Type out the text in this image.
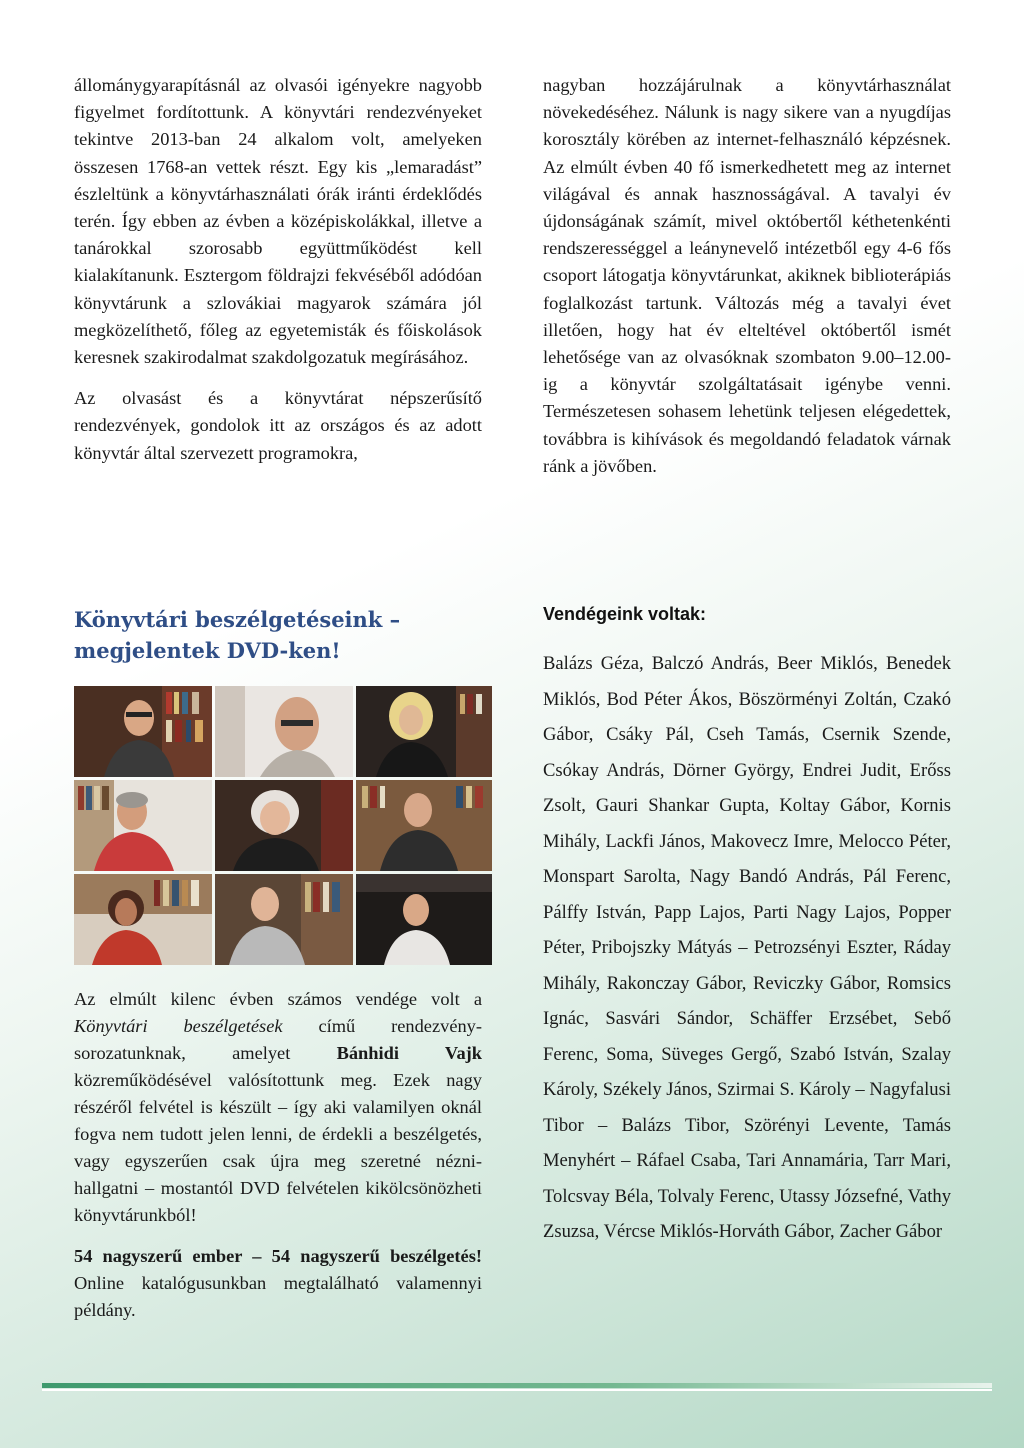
állománygyarapításnál az olvasói igényekre nagyobb figyelmet fordítottunk. A könyvtári rendezvényeket tekintve 2013-ban 24 alkalom volt, amelyeken összesen 1768-an vettek részt. Egy kis „lemaradást” észleltünk a könyvtárhasználati órák iránti érdeklődés terén. Így ebben az évben a középiskolákkal, illetve a tanárokkal szorosabb együttműködést kell kialakítanunk. Esztergom földrajzi fekvéséből adódóan könyvtárunk a szlovákiai magyarok számára jól megközelíthető, főleg az egyetemisták és főiskolások keresnek szakirodalmat szakdolgozatuk megírásához.

Az olvasást és a könyvtárat népszerűsítő rendezvények, gondolok itt az országos és az adott könyvtár által szervezett programokra,

nagyban hozzájárulnak a könyvtárhasználat növekedéséhez. Nálunk is nagy sikere van a nyugdíjas korosztály körében az internet-felhasználó képzésnek. Az elmúlt évben 40 fő ismerkedhetett meg az internet világával és annak hasznosságával. A tavalyi év újdonságának számít, mivel októbertől kéthetenkénti rendszerességgel a leánynevelő intézetből egy 4-6 fős csoport látogatja könyvtárunkat, akiknek biblioterápiás foglalkozást tartunk. Változás még a tavalyi évet illetően, hogy hat év elteltével októbertől ismét lehetősége van az olvasóknak szombaton 9.00–12.00-ig a könyvtár szolgáltatásait igénybe venni. Természetesen sohasem lehetünk teljesen elégedettek, továbbra is kihívások és megoldandó feladatok várnak ránk a jövőben.

Könyvtári beszélgetéseink – megjelentek DVD-ken!

Az elmúlt kilenc évben számos vendége volt a Könyvtári beszélgetések című rendezvény-sorozatunknak, amelyet Bánhidi Vajk közreműködésével valósítottunk meg. Ezek nagy részéről felvétel is készült – így aki valamilyen oknál fogva nem tudott jelen lenni, de érdekli a beszélgetés, vagy egyszerűen csak újra meg szeretné nézni-hallgatni – mostantól DVD felvételen kikölcsönözheti könyvtárunkból!

54 nagyszerű ember – 54 nagyszerű beszélgetés! Online katalógusunkban megtalálható valamennyi példány.

Vendégeink voltak:

Balázs Géza, Balczó András, Beer Miklós, Benedek Miklós, Bod Péter Ákos, Böszörményi Zoltán, Czakó Gábor, Csáky Pál, Cseh Tamás, Csernik Szende, Csókay András, Dörner György, Endrei Judit, Erőss Zsolt, Gauri Shankar Gupta, Koltay Gábor, Kornis Mihály, Lackfi János, Makovecz Imre, Melocco Péter, Monspart Sarolta, Nagy Bandó András, Pál Ferenc, Pálffy István, Papp Lajos, Parti Nagy Lajos, Popper Péter, Pribojszky Mátyás – Petrozsényi Eszter, Ráday Mihály, Rakonczay Gábor, Reviczky Gábor, Romsics Ignác, Sasvári Sándor, Schäffer Erzsébet, Sebő Ferenc, Soma, Süveges Gergő, Szabó István, Szalay Károly, Székely János, Szirmai S. Károly – Nagyfalusi Tibor – Balázs Tibor, Szörényi Levente, Tamás Menyhért – Ráfael Csaba, Tari Annamária, Tarr Mari, Tolcsvay Béla, Tolvaly Ferenc, Utassy Józsefné, Vathy Zsuzsa, Vércse Miklós-Horváth Gábor, Zacher Gábor
